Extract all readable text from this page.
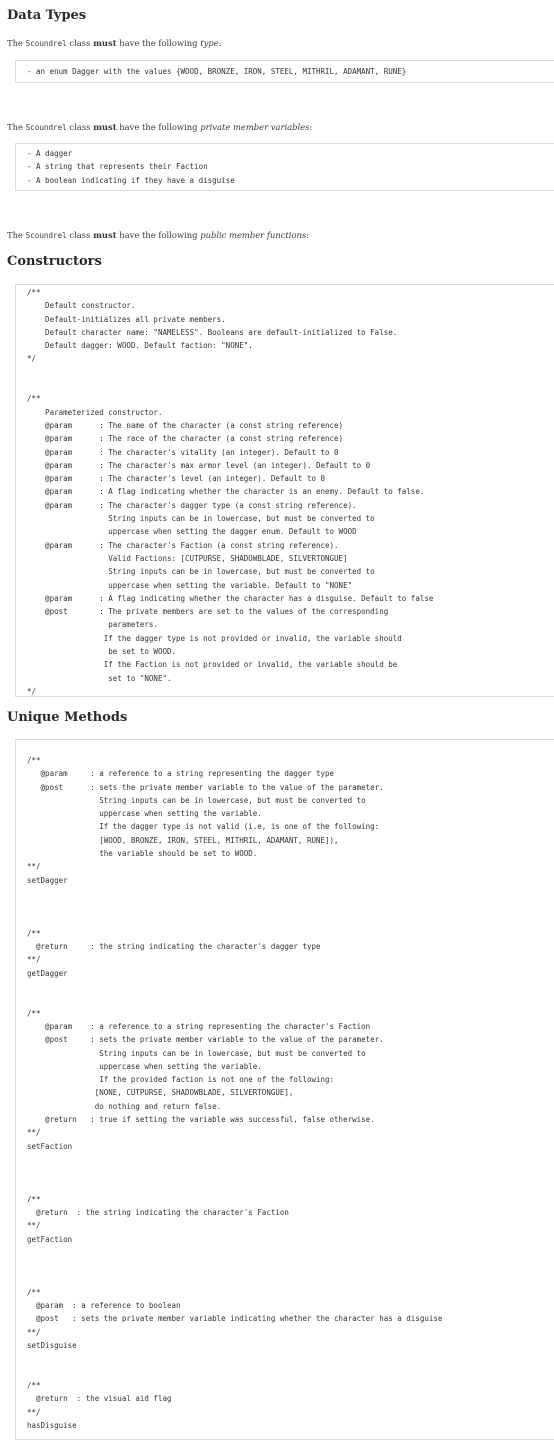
Data Types
The Scoundrel class must have the following type:
- an enum Dagger with the values {WOOD, BRONZE, IRON, STEEL, MITHRIL, ADAMANT, RUNE}
The Scoundrel class must have the following private member variables:
- A dagger
- A string that represents their Faction
- A boolean indicating if they have a disguise
The Scoundrel class must have the following public member functions:
Constructors
/**
Default constructor.
Default-initializes all private members.
Default character name: "NAMELESS". Booleans are default-initialized to False.
Default dagger: WOOD. Default faction: "NONE".
*/

/**
Parameterized constructor.
@param      : The name of the character (a const string reference)
@param      : The race of the character (a const string reference)
@param      : The character's vitality (an integer). Default to 0
@param      : The character's max armor level (an integer). Default to 0
@param      : The character's level (an integer). Default to 0
@param      : A flag indicating whether the character is an enemy. Default to false.
@param      : The character's dagger type (a const string reference).
String inputs can be in lowercase, but must be converted to
uppercase when setting the dagger enum. Default to WOOD
@param      : The character's Faction (a const string reference).
Valid Factions: [CUTPURSE, SHADOWBLADE, SILVERTONGUE]
String inputs can be in lowercase, but must be converted to
uppercase when setting the variable. Default to "NONE"
@param      : A flag indicating whether the character has a disguise. Default to false
@post       : The private members are set to the values of the corresponding
parameters.
If the dagger type is not provided or invalid, the variable should
be set to WOOD.
If the Faction is not provided or invalid, the variable should be
set to "NONE".
*/
Unique Methods
/**
@param     : a reference to a string representing the dagger type
@post      : sets the private member variable to the value of the parameter.
String inputs can be in lowercase, but must be converted to
uppercase when setting the variable.
If the dagger type is not valid (i.e, is one of the following:
[WOOD, BRONZE, IRON, STEEL, MITHRIL, ADAMANT, RUNE]),
the variable should be set to WOOD.
**/
setDagger

/**
@return     : the string indicating the character's dagger type
**/
getDagger

/**
@param    : a reference to a string representing the character's Faction
@post     : sets the private member variable to the value of the parameter.
String inputs can be in lowercase, but must be converted to
uppercase when setting the variable.
If the provided faction is not one of the following:
[NONE, CUTPURSE, SHADOWBLADE, SILVERTONGUE],
do nothing and return false.
@return   : true if setting the variable was successful, false otherwise.
**/
setFaction

/**
@return  : the string indicating the character's Faction
**/
getFaction

/**
@param  : a reference to boolean
@post   : sets the private member variable indicating whether the character has a disguise
**/
setDisguise

/**
@return  : the visual aid flag
**/
hasDisguise
